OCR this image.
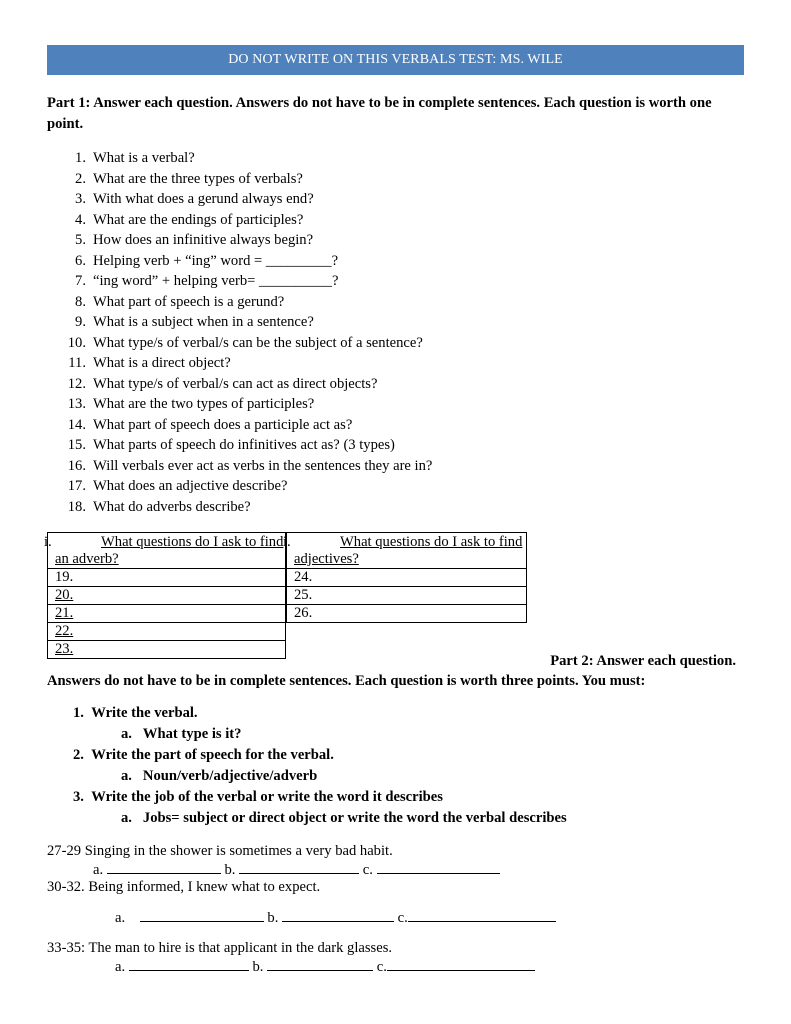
DO NOT WRITE ON THIS VERBALS TEST: MS. WILE
Part 1: Answer each question. Answers do not have to be in complete sentences. Each question is worth one point.
1. What is a verbal?
2. What are the three types of verbals?
3. With what does a gerund always end?
4. What are the endings of participles?
5. How does an infinitive always begin?
6. Helping verb + “ing” word = _________?
7. “ing word” + helping verb= __________?
8. What part of speech is a gerund?
9. What is a subject when in a sentence?
10. What type/s of verbal/s can be the subject of a sentence?
11. What is a direct object?
12. What type/s of verbal/s can act as direct objects?
13. What are the two types of participles?
14. What part of speech does a participle act as?
15. What parts of speech do infinitives act as? (3 types)
16. Will verbals ever act as verbs in the sentences they are in?
17. What does an adjective describe?
18. What do adverbs describe?
i.	What questions do I ask to find an adverb?

19.
20.
21.
22.
23.
i.	What questions do I ask to find adjectives?

24.
25.
26.
Part 2: Answer each question.
Answers do not have to be in complete sentences. Each question is worth three points. You must:
1. Write the verbal.
a. What type is it?
2. Write the part of speech for the verbal.
a. Noun/verb/adjective/adverb
3. Write the job of the verbal or write the word it describes
a. Jobs= subject or direct object or write the word the verbal describes
27-29 Singing in the shower is sometimes a very bad habit.
a.	b.	c.
30-32. Being informed, I knew what to expect.
a.	b.	c.
33-35: The man to hire is that applicant in the dark glasses.
a.	b.	c.
